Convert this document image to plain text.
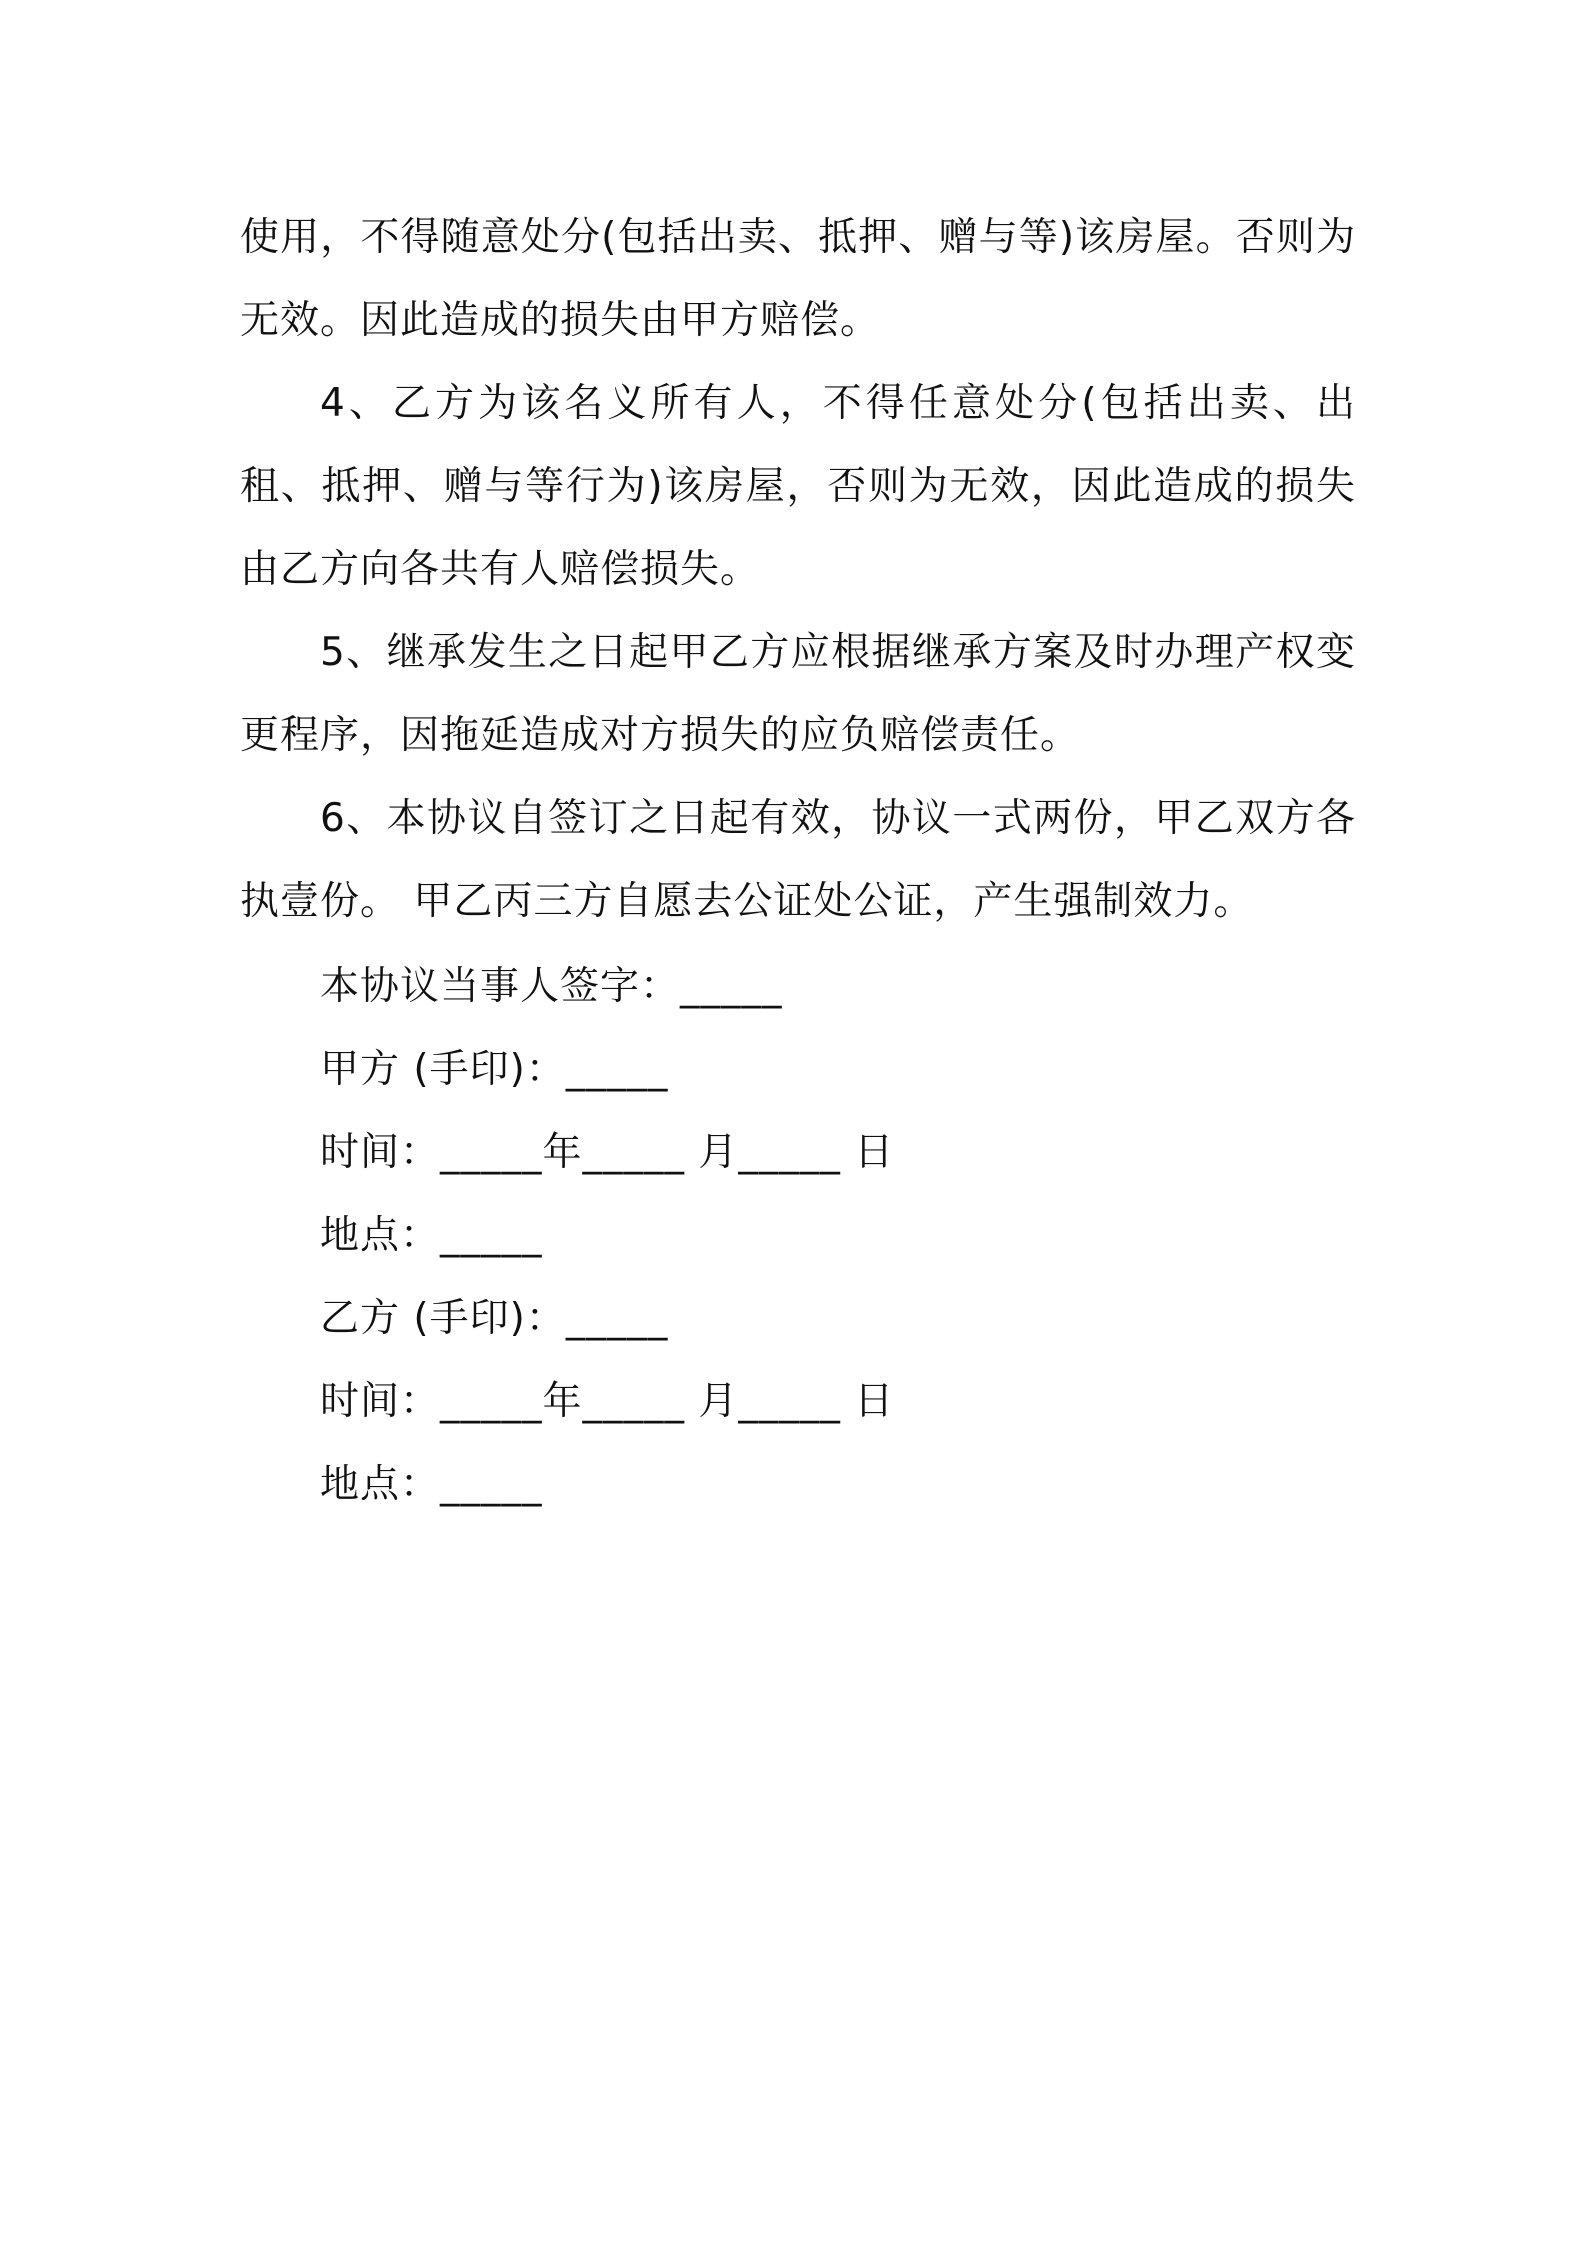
使用，不得随意处分(包括出卖、抵押、赠与等)该房屋。否则为无效。因此造成的损失由甲方赔偿。

4、乙方为该名义所有人，不得任意处分(包括出卖、出租、抵押、赠与等行为)该房屋，否则为无效，因此造成的损失由乙方向各共有人赔偿损失。

5、继承发生之日起甲乙方应根据继承方案及时办理产权变更程序，因拖延造成对方损失的应负赔偿责任。

6、本协议自签订之日起有效，协议一式两份，甲乙双方各执壹份。 甲乙丙三方自愿去公证处公证，产生强制效力。

本协议当事人签字：_____
甲方 (手印)：_____
时间：_____年_____ 月_____ 日
地点：_____
乙方 (手印)：_____
时间：_____年_____ 月_____ 日
地点：_____
